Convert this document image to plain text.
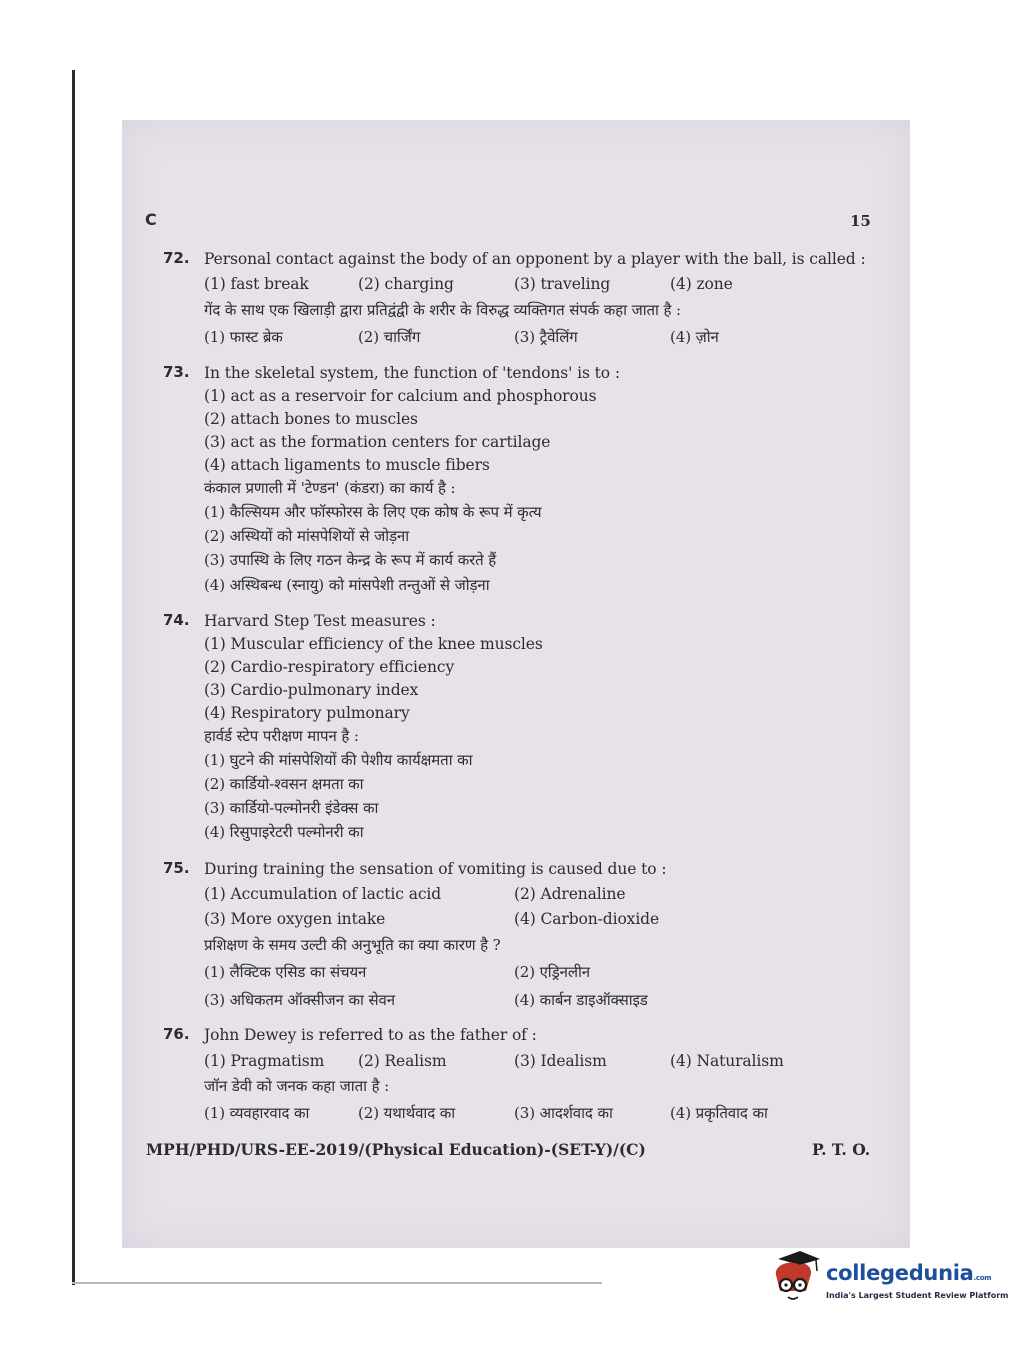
C	15
72. Personal contact against the body of an opponent by a player with the ball, is called :
(1) fast break	(2) charging	(3) traveling	(4) zone
गेंद के साथ एक खिलाड़ी द्वारा प्रतिद्वंद्वी के शरीर के विरुद्ध व्यक्तिगत संपर्क कहा जाता है :
(1) फास्ट ब्रेक	(2) चार्जिंग	(3) ट्रैवेलिंग	(4) ज़ोन
73. In the skeletal system, the function of 'tendons' is to :
(1) act as a reservoir for calcium and phosphorous
(2) attach bones to muscles
(3) act as the formation centers for cartilage
(4) attach ligaments to muscle fibers
कंकाल प्रणाली में 'टेण्डन' (कंडरा) का कार्य है :
(1) कैल्सियम और फॉस्फोरस के लिए एक कोष के रूप में कृत्य
(2) अस्थियों को मांसपेशियों से जोड़ना
(3) उपास्थि के लिए गठन केन्द्र के रूप में कार्य करते हैं
(4) अस्थिबन्ध (स्नायु) को मांसपेशी तन्तुओं से जोड़ना
74. Harvard Step Test measures :
(1) Muscular efficiency of the knee muscles
(2) Cardio-respiratory efficiency
(3) Cardio-pulmonary index
(4) Respiratory pulmonary
हार्वर्ड स्टेप परीक्षण मापन है :
(1) घुटने की मांसपेशियों की पेशीय कार्यक्षमता का
(2) कार्डियो-श्वसन क्षमता का
(3) कार्डियो-पल्मोनरी इंडेक्स का
(4) रिसुपाइरेटरी पल्मोनरी का
75. During training the sensation of vomiting is caused due to :
(1) Accumulation of lactic acid	(2) Adrenaline
(3) More oxygen intake	(4) Carbon-dioxide
प्रशिक्षण के समय उल्टी की अनुभूति का क्या कारण है ?
(1) लैक्टिक एसिड का संचयन	(2) एड्रिनलीन
(3) अधिकतम ऑक्सीजन का सेवन	(4) कार्बन डाइऑक्साइड
76. John Dewey is referred to as the father of :
(1) Pragmatism (2) Realism	(3) Idealism	(4) Naturalism
जॉन डेवी को जनक कहा जाता है :
(1) व्यवहारवाद का	(2) यथार्थवाद का	(3) आदर्शवाद का	(4) प्रकृतिवाद का
MPH/PHD/URS-EE-2019/(Physical Education)-(SET-Y)/(C)	P. T. O.
collegedunia.com
India's Largest Student Review Platform
